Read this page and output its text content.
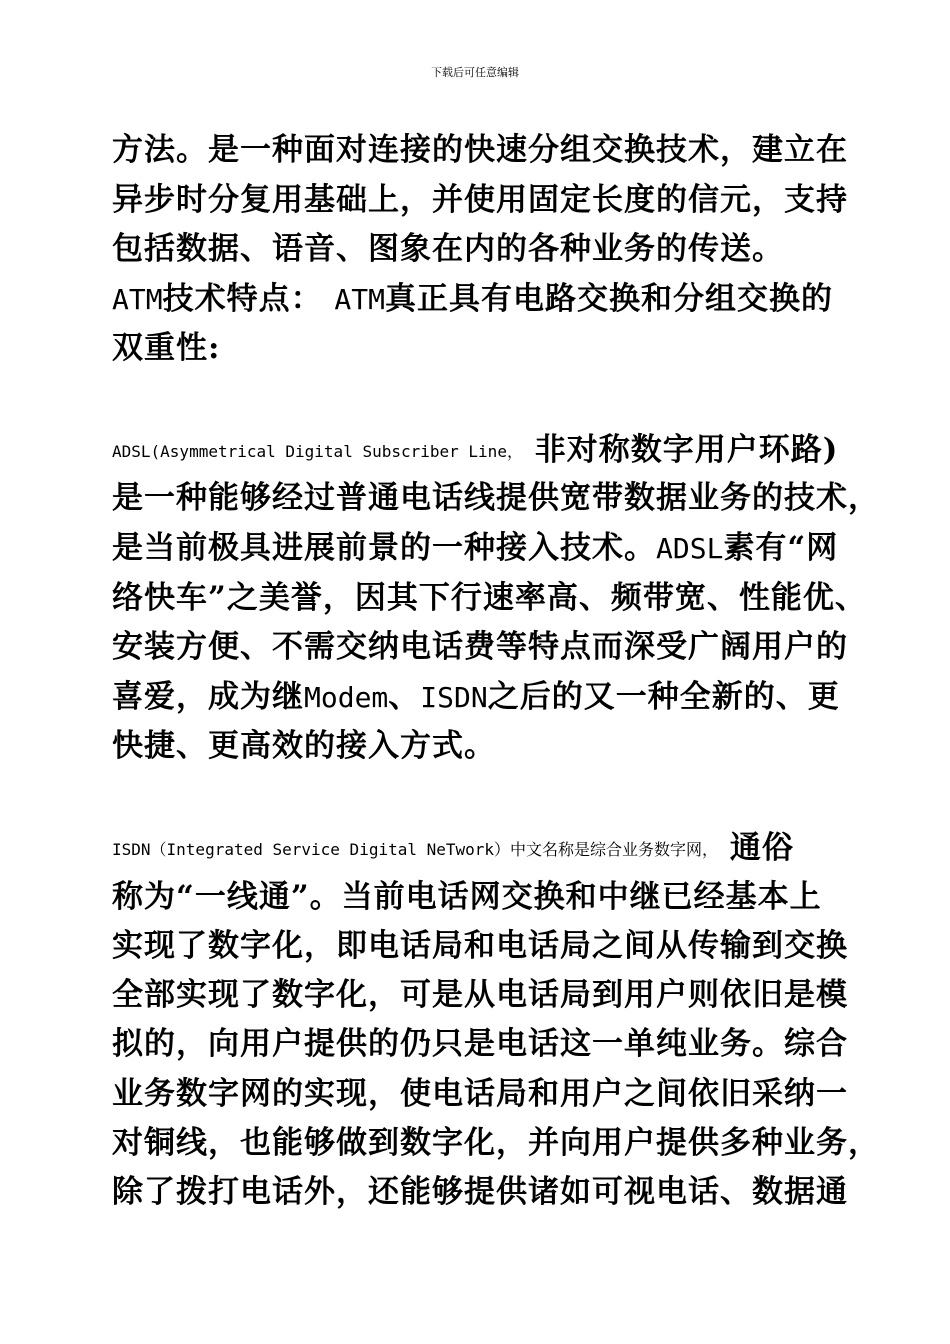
下载后可任意编辑
方法。是一种面对连接的快速分组交换技术，建立在
异步时分复用基础上，并使用固定长度的信元，支持
包括数据、语音、图象在内的各种业务的传送。
ATM技术特点： ATM真正具有电路交换和分组交换的
双重性:
ADSL(Asymmetrical Digital Subscriber Line， 非对称数字用户环路)
是一种能够经过普通电话线提供宽带数据业务的技术，
是当前极具进展前景的一种接入技术。ADSL素有“网
络快车”之美誉，因其下行速率高、频带宽、性能优、
安装方便、不需交纳电话费等特点而深受广阔用户的
喜爱，成为继Modem、ISDN之后的又一种全新的、更
快捷、更高效的接入方式。
ISDN（Integrated Service Digital NeTwork）中文名称是综合业务数字网， 通俗
称为“一线通”。当前电话网交换和中继已经基本上
实现了数字化，即电话局和电话局之间从传输到交换
全部实现了数字化，可是从电话局到用户则依旧是模
拟的，向用户提供的仍只是电话这一单纯业务。综合
业务数字网的实现，使电话局和用户之间依旧采纳一
对铜线，也能够做到数字化，并向用户提供多种业务，
除了拨打电话外，还能够提供诸如可视电话、数据通
